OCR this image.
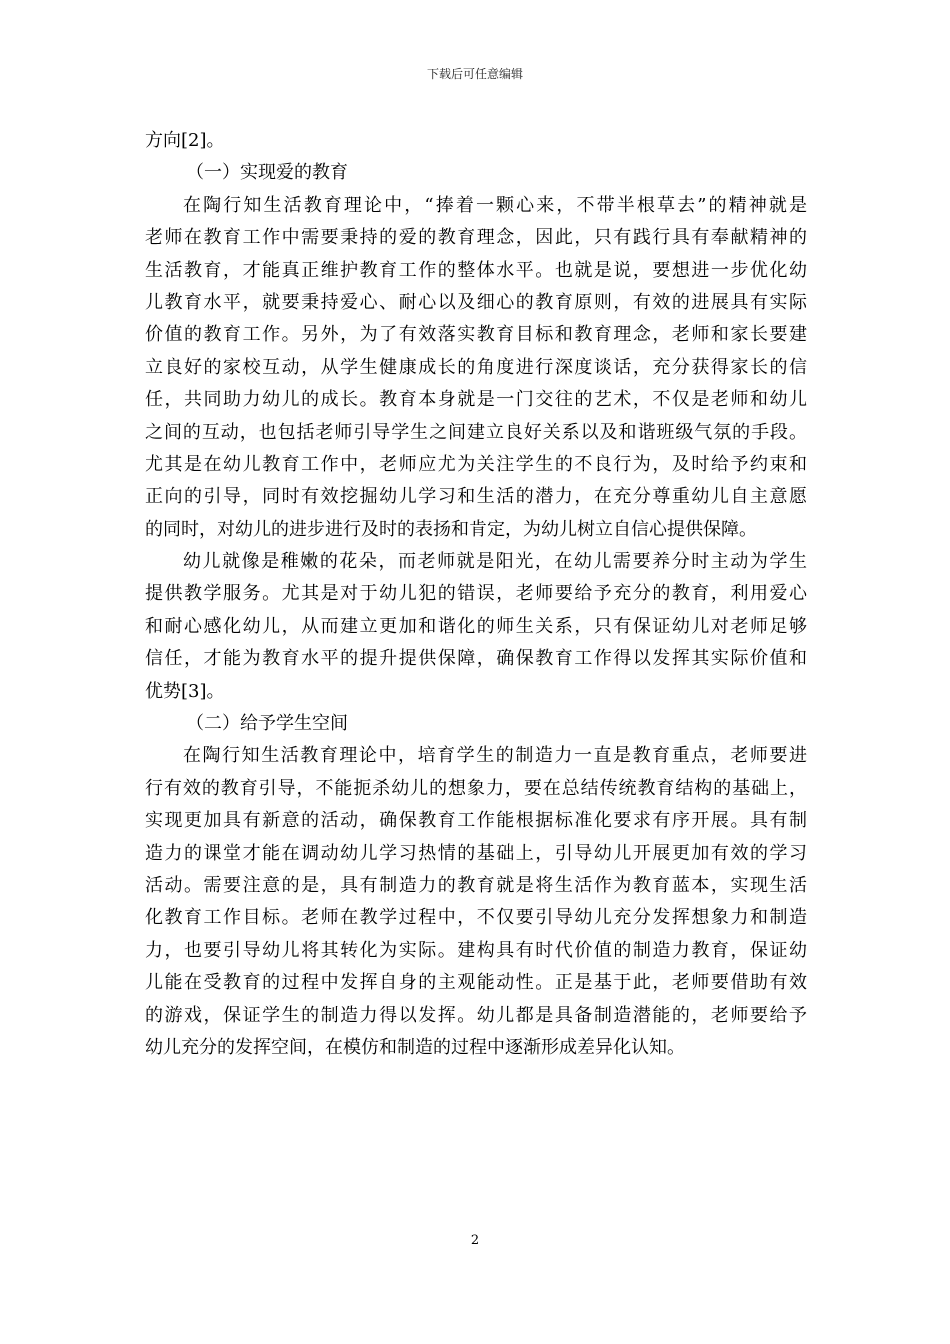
下载后可任意编辑
方向[2]。
（一）实现爱的教育
在陶行知生活教育理论中，“捧着一颗心来，不带半根草去”的精神就是
老师在教育工作中需要秉持的爱的教育理念，因此，只有践行具有奉献精神的
生活教育，才能真正维护教育工作的整体水平。也就是说，要想进一步优化幼
儿教育水平，就要秉持爱心、耐心以及细心的教育原则，有效的进展具有实际
价值的教育工作。另外，为了有效落实教育目标和教育理念，老师和家长要建
立良好的家校互动，从学生健康成长的角度进行深度谈话，充分获得家长的信
任，共同助力幼儿的成长。教育本身就是一门交往的艺术，不仅是老师和幼儿
之间的互动，也包括老师引导学生之间建立良好关系以及和谐班级气氛的手段。
尤其是在幼儿教育工作中，老师应尤为关注学生的不良行为，及时给予约束和
正向的引导，同时有效挖掘幼儿学习和生活的潜力，在充分尊重幼儿自主意愿
的同时，对幼儿的进步进行及时的表扬和肯定，为幼儿树立自信心提供保障。
幼儿就像是稚嫩的花朵，而老师就是阳光，在幼儿需要养分时主动为学生
提供教学服务。尤其是对于幼儿犯的错误，老师要给予充分的教育，利用爱心
和耐心感化幼儿，从而建立更加和谐化的师生关系，只有保证幼儿对老师足够
信任，才能为教育水平的提升提供保障，确保教育工作得以发挥其实际价值和
优势[3]。
（二）给予学生空间
在陶行知生活教育理论中，培育学生的制造力一直是教育重点，老师要进
行有效的教育引导，不能扼杀幼儿的想象力，要在总结传统教育结构的基础上，
实现更加具有新意的活动，确保教育工作能根据标准化要求有序开展。具有制
造力的课堂才能在调动幼儿学习热情的基础上，引导幼儿开展更加有效的学习
活动。需要注意的是，具有制造力的教育就是将生活作为教育蓝本，实现生活
化教育工作目标。老师在教学过程中，不仅要引导幼儿充分发挥想象力和制造
力，也要引导幼儿将其转化为实际。建构具有时代价值的制造力教育，保证幼
儿能在受教育的过程中发挥自身的主观能动性。正是基于此，老师要借助有效
的游戏，保证学生的制造力得以发挥。幼儿都是具备制造潜能的，老师要给予
幼儿充分的发挥空间，在模仿和制造的过程中逐渐形成差异化认知。
2
